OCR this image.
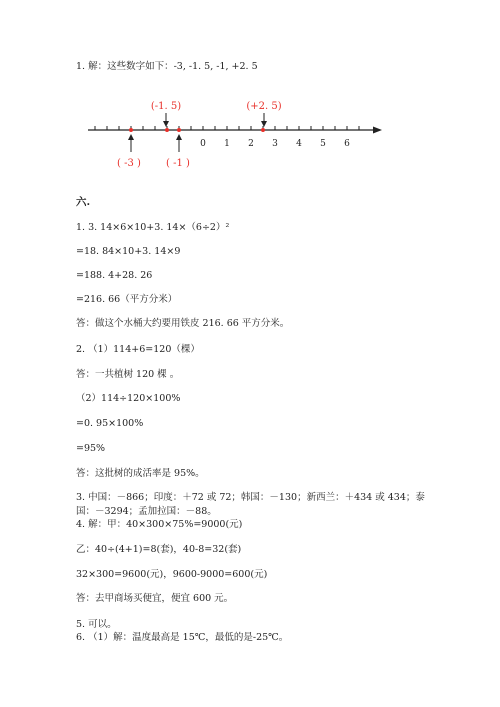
1. 解：这些数字如下：-3, -1. 5, -1, +2. 5
0 1 2 3 4 5 6
(-1. 5)	(+2. 5)
( -3 )	( -1 )
六.
1. 3. 14×6×10+3. 14×（6÷2）²
=18. 84×10+3. 14×9
=188. 4+28. 26
=216. 66（平方分米）
答：做这个水桶大约要用铁皮 216. 66 平方分米。
2. （1）114+6=120（棵）
答：一共植树 120 棵 。
（2）114÷120×100%
=0. 95×100%
=95%
答：这批树的成活率是 95%。
3. 中国：－866；印度：＋72 或 72；韩国：－130；新西兰：＋434 或 434；泰
国：－3294；孟加拉国：－88。
4. 解：甲：40×300×75%=9000(元)
乙：40÷(4+1)=8(套)，40-8=32(套)
32×300=9600(元)，9600-9000=600(元)
答：去甲商场买便宜，便宜 600 元。
5. 可以。
6. （1）解：温度最高是 15℃，最低的是-25℃。
